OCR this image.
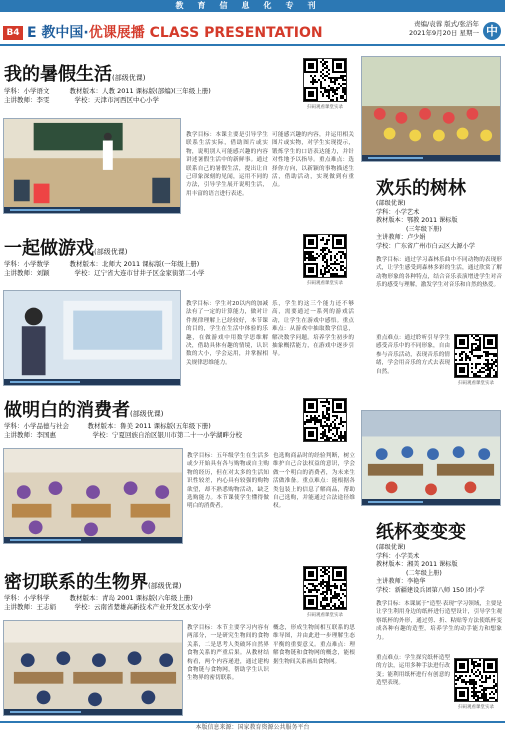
教育信息化专刊
B4 E 教中国·优课展播 CLASS PRESENTATION
责编/袁蓉 版式/张浴年
2021年9月20日 星期一 中
我的暑假生活(部级优课)
学科：小学语文	教材版本：人教 2011 课标版(部编)(三年级上册)
主讲教师：李雯	学校：天津市河西区中心小学
扫码观看课堂实录
教学目标：本课主要是引导学生联系生活实际，借助图片或实物，说明别人可能感兴趣的内容讲述暑假生活中的新鲜事。通过联系自己的暑假生活，提出让自己印象深刻的见闻，运用不同的方法，引导学生展开说明生活，用丰富的语言进行表述。
可能感兴趣的内容，并运用相关图片或实物，对学生实现提示，锻炼学生的口语表达能力，并针对性地予以指导。重点难点：选择你方向，以新颖的事物描述生活，借助活动，实现做到有重点。
一起做游戏(部级优课)
学科：小学数学	教材版本：北师大 2011 课标版(一年级上册)
主讲教师：刘颖	学校：辽宁省大连市甘井子区金家街第二小学
扫码观看课堂实录
教学目标：学生对20以内的加减法有了一定的计算能力，做对计件规律理解上已经较好，本节课的目的，学生在生活中体验的乐趣，在做游戏中用数学思维解决，借助具体有趣的情境，认识数的大小，学会运用，并掌握相关规律思维能力。
乐，学生的这三个能力还不够高，需要通过一系列的游戏活动，让学生在游戏中感悟。重点难点：从游戏中抽取数学信息，解决数学问题。培养学生初步的抽象概括能力，在游戏中逐步引导。
欢乐的树林
(部级优课)
学科：小学艺术
教材版本：鄂教 2011 课标版
(三年级下册)
主讲教师：卢少娟
学校：广东省广州市白云区大源小学
教学目标：通过学习森林乐曲中不同动物的表现形式，让学生感受到森林多彩的生活，通过欣赏了解动物形象的各种特点，结合音乐表演增进学生对音乐的感受与理解，激发学生对音乐和自然的热爱。
重点难点：通过聆听引导学生感受音乐中的不同形象，自由参与音乐活动，表现音乐的情绪，学会用音乐的方式去表现自然。
扫码观看课堂实录
做明白的消费者(部级优课)
学科：小学品德与社会	教材版本：鲁美 2011 课标版(五年级下册)
主讲教师：李国惠	学校：宁夏回族自治区银川市第二十一小学湖畔分校
教学目标：五年级学生在生活多或少开始具有各与购物或自主购物的经历，但在对太多的生活知识性较差，内心具有较强的购物欲望，却不熟悉购物活动，缺乏选购能力。本节课使学生懂得做明白的消费者。
也选购商品时的经验判断，树立维护自己合法权益的意识，学会做一个明白的消费者，为未来生活做准备。重点难点：能根据各类包装上的信息了解商品，帮助自己选购，并能通过合法途径维权。
纸杯变变变
(部级优课)
学科：小学美术
教材版本：湘美 2011 课标版
(二年级上册)
主讲教师：李艳华
学校：新疆建设兵团第八师 150 团小学
教学目标：本课属于“造型·表现”学习领域，主要是让学生利用身边的纸杯进行造型设计，引导学生观察纸杯的外形，通过剪、折、粘贴等方法使纸杯变成各种有趣的造型，培养学生的动手能力和想象力。
重点难点：学生探究纸杯造型的方法，运用多种手法进行改变；能利用纸杯进行有创意的造型表现。
扫码观看课堂实录
密切联系的生物界(部级优课)
学科：小学科学	教材版本：青岛 2001 课标版(六年级上册)
主讲教师：王志娟	学校：云南省楚雄高新技术产业开发区永安小学
扫码观看课堂实录
教学目标：本节主要学习内容有两部分，一是研究生物间的食物关系，二是思考人类破坏自然界食物关系的严重后果。从教材结构看，两个内容递进，通过建构食物链与食物网，帮助学生认识生物界的密切联系。
概念，形成生物间相互联系的思维导图，并由此进一步理解生态平衡的重要意义。重点难点：理解食物链和食物网的概念，能根据生物间关系画出食物网。
本版信息来源：国家教育资源公共服务平台
